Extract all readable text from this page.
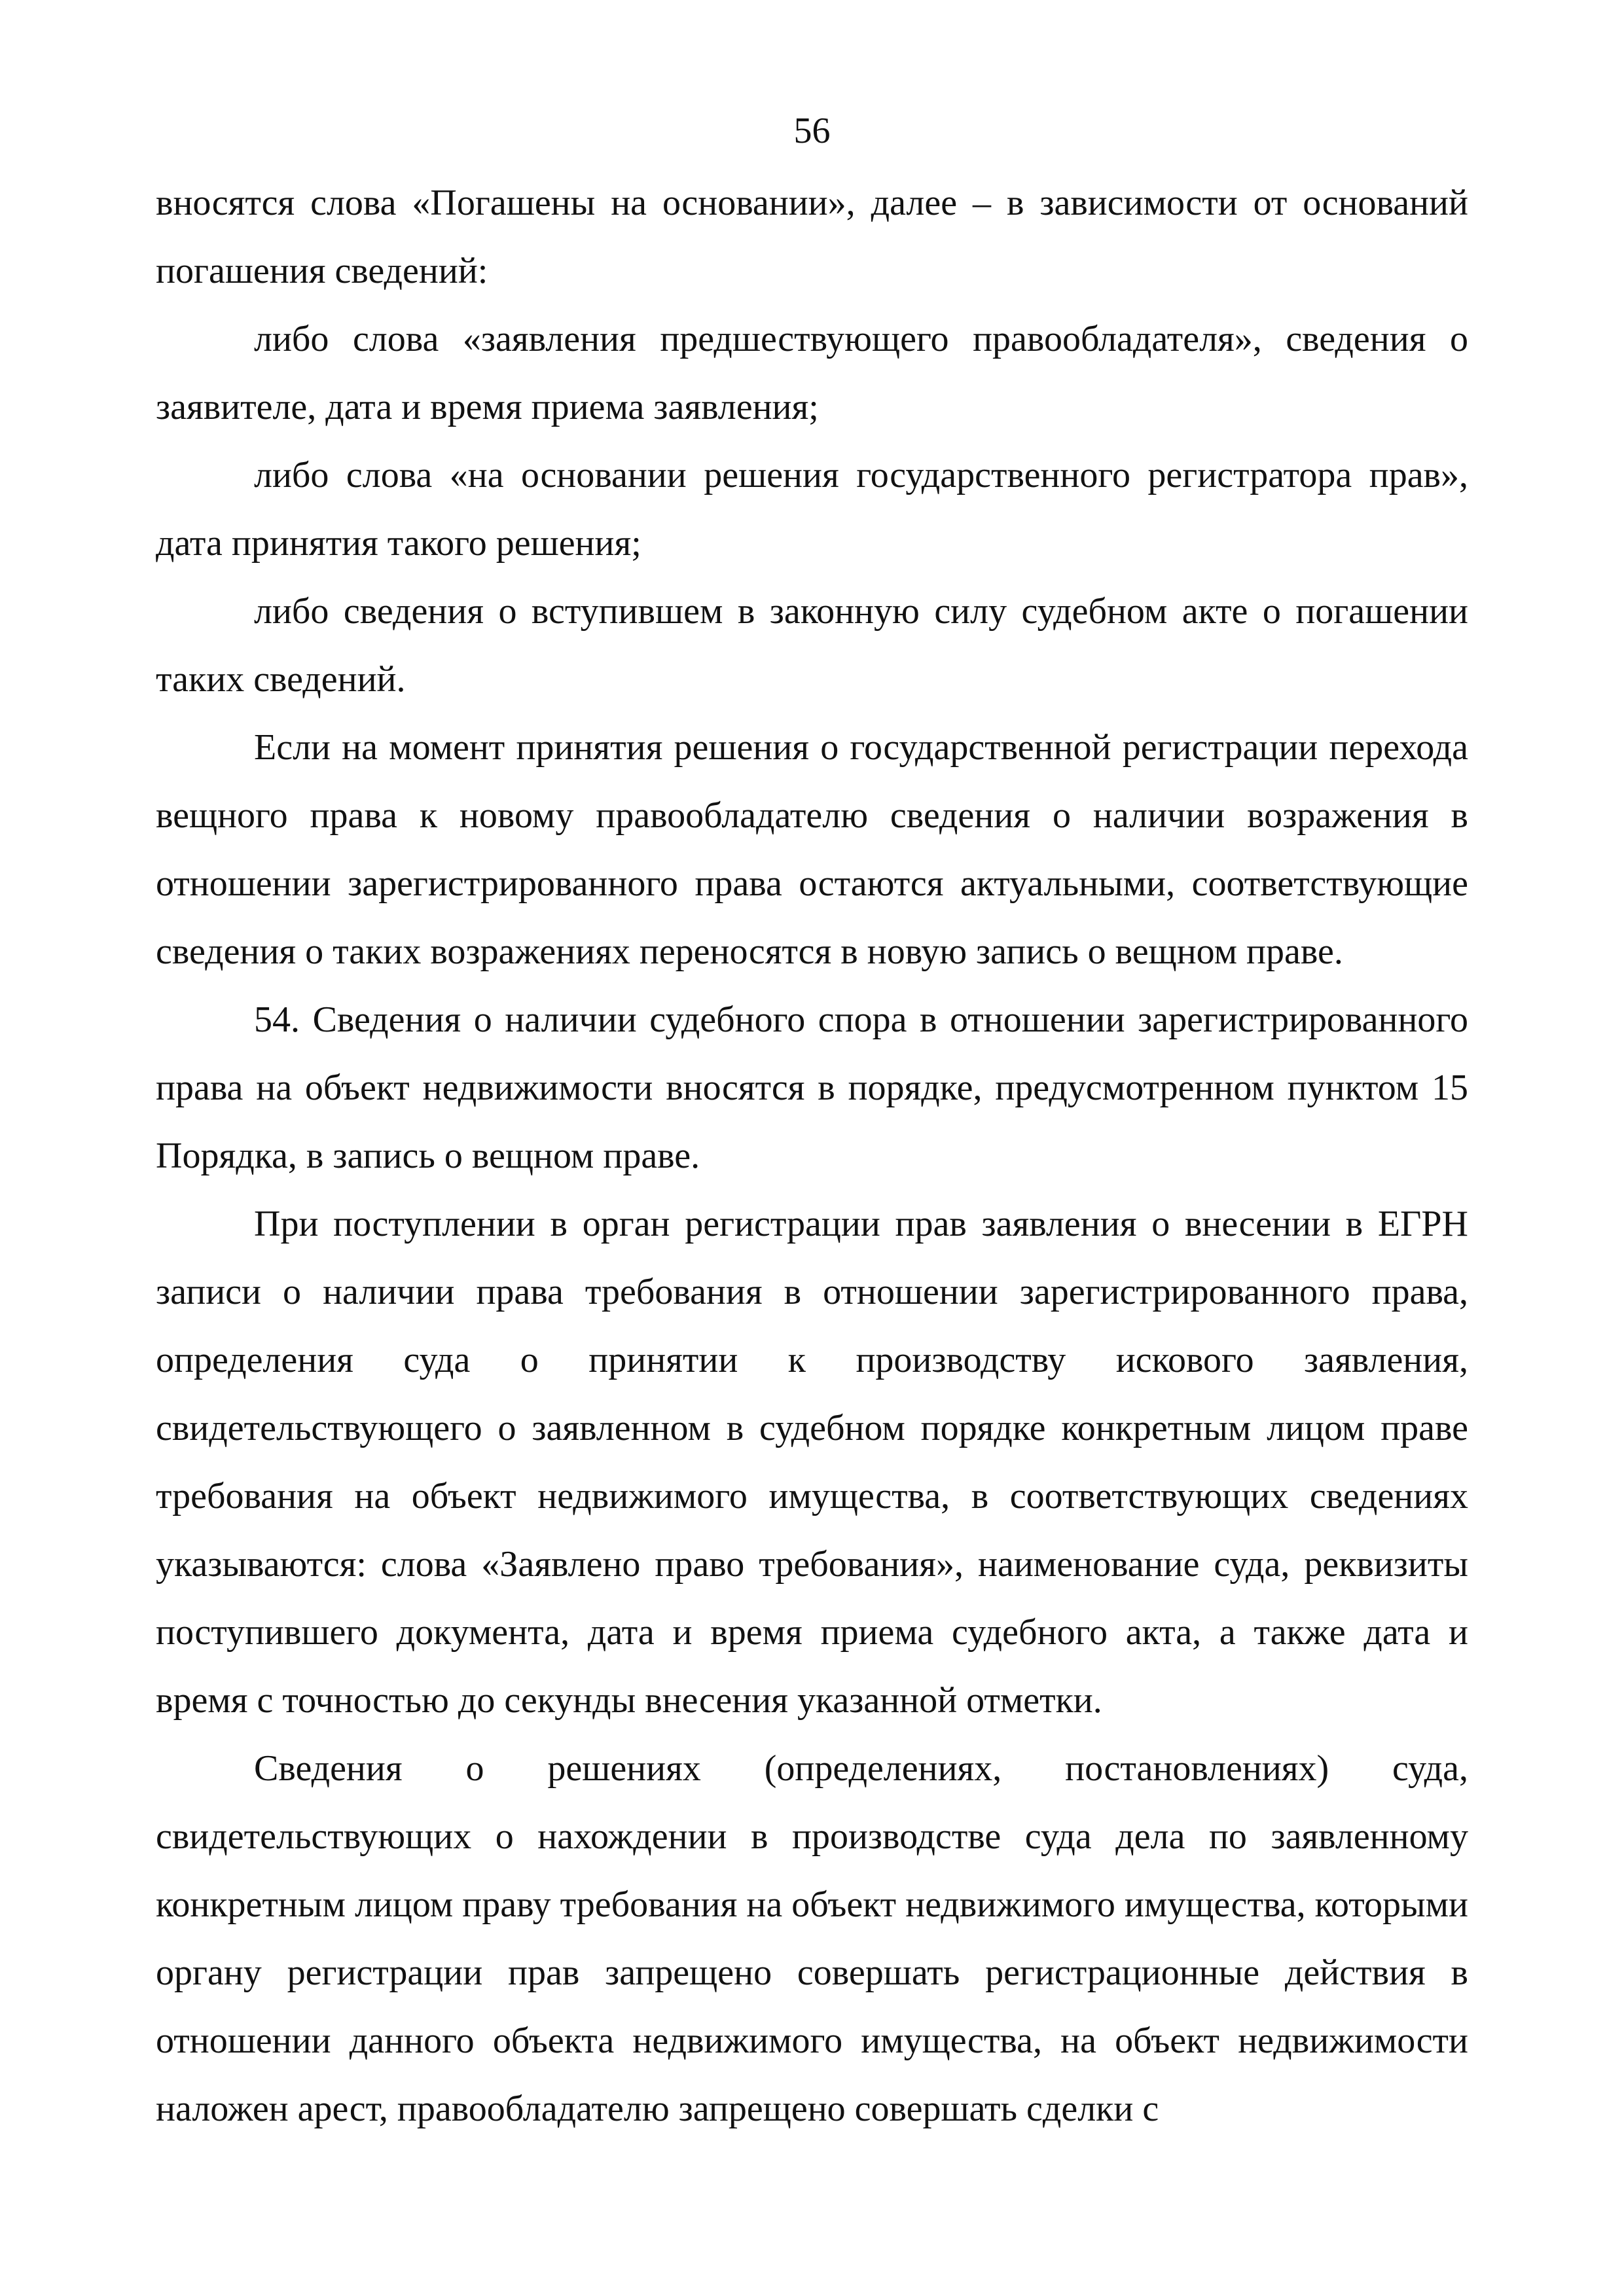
56

вносятся слова «Погашены на основании», далее – в зависимости от оснований погашения сведений:

либо слова «заявления предшествующего правообладателя», сведения о заявителе, дата и время приема заявления;

либо слова «на основании решения государственного регистратора прав», дата принятия такого решения;

либо сведения о вступившем в законную силу судебном акте о погашении таких сведений.

Если на момент принятия решения о государственной регистрации перехода вещного права к новому правообладателю сведения о наличии возражения в отношении зарегистрированного права остаются актуальными, соответствующие сведения о таких возражениях переносятся в новую запись о вещном праве.

54. Сведения о наличии судебного спора в отношении зарегистрированного права на объект недвижимости вносятся в порядке, предусмотренном пунктом 15 Порядка, в запись о вещном праве.

При поступлении в орган регистрации прав заявления о внесении в ЕГРН записи о наличии права требования в отношении зарегистрированного права, определения суда о принятии к производству искового заявления, свидетельствующего о заявленном в судебном порядке конкретным лицом праве требования на объект недвижимого имущества, в соответствующих сведениях указываются: слова «Заявлено право требования», наименование суда, реквизиты поступившего документа, дата и время приема судебного акта, а также дата и время с точностью до секунды внесения указанной отметки.

Сведения о решениях (определениях, постановлениях) суда, свидетельствующих о нахождении в производстве суда дела по заявленному конкретным лицом праву требования на объект недвижимого имущества, которыми органу регистрации прав запрещено совершать регистрационные действия в отношении данного объекта недвижимого имущества, на объект недвижимости наложен арест, правообладателю запрещено совершать сделки с
